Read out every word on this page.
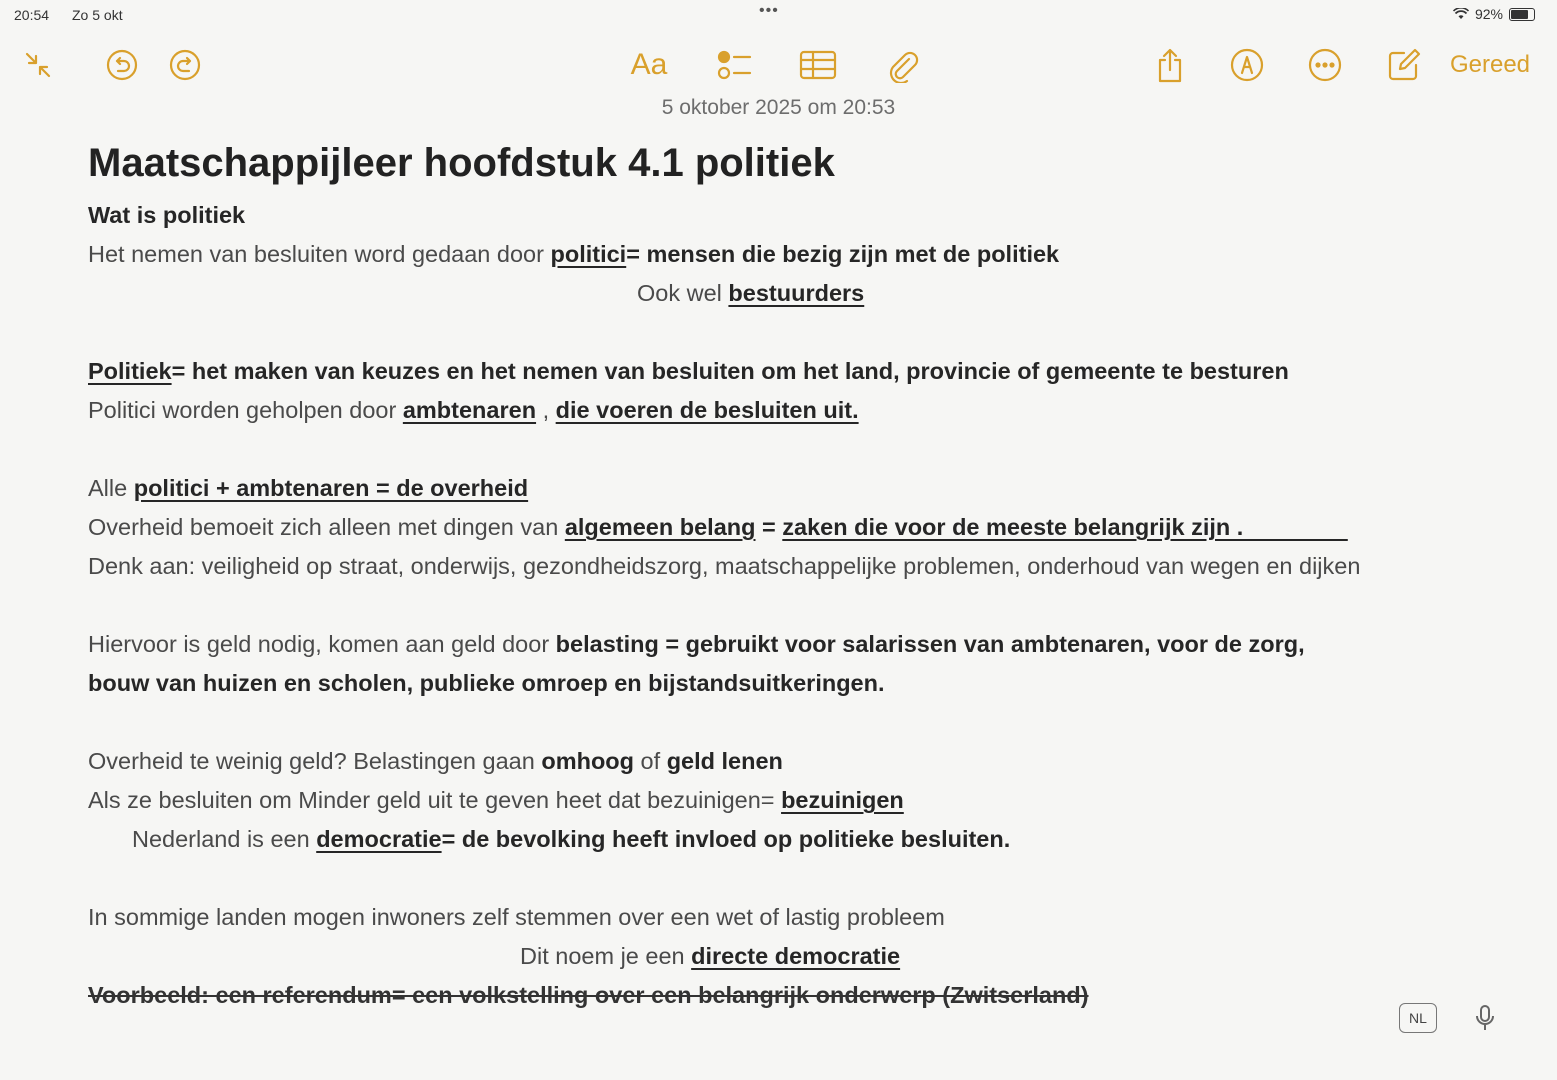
20:54 Zo 5 okt	•••	92%
Aa	Gereed
5 oktober 2025 om 20:53
Maatschappijleer hoofdstuk 4.1 politiek

Wat is politiek

Het nemen van besluiten word gedaan door politici= mensen die bezig zijn met de politiek

Ook wel bestuurders

Politiek= het maken van keuzes en het nemen van besluiten om het land, provincie of gemeente te besturen

Politici worden geholpen door ambtenaren , die voeren de besluiten uit.

Alle politici + ambtenaren = de overheid

Overheid bemoeit zich alleen met dingen van algemeen belang = zaken die voor de meeste belangrijk zijn .                Denk aan: veiligheid op straat, onderwijs, gezondheidszorg, maatschappelijke problemen, onderhoud van wegen en dijken

Hiervoor is geld nodig, komen aan geld door belasting = gebruikt voor salarissen van ambtenaren, voor de zorg, bouw van huizen en scholen, publieke omroep en bijstandsuitkeringen.

Overheid te weinig geld? Belastingen gaan omhoog of geld lenen

Als ze besluiten om Minder geld uit te geven heet dat bezuinigen= bezuinigen

Nederland is een democratie= de bevolking heeft invloed op politieke besluiten.

In sommige landen mogen inwoners zelf stemmen over een wet of lastig probleem

Dit noem je een directe democratie

Voorbeeld: een referendum= een volkstelling over een belangrijk onderwerp (Zwitserland)

NL
